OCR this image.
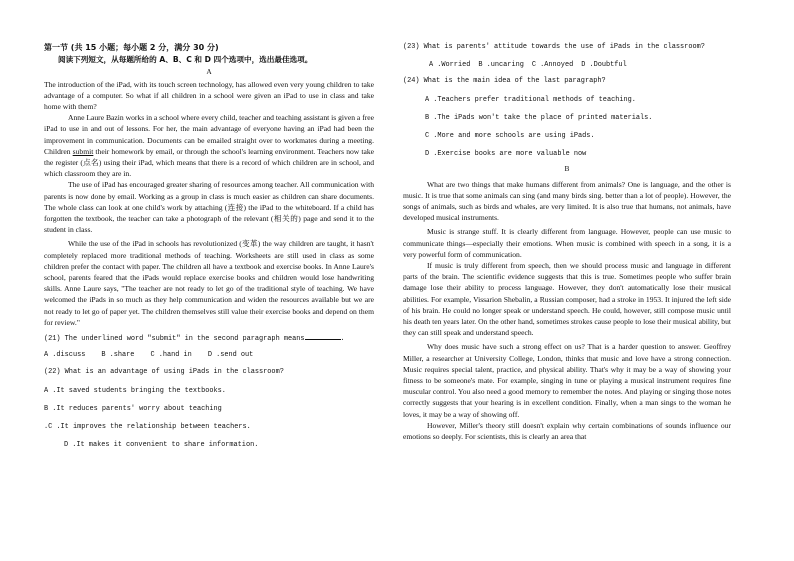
第一节 (共 15 小题；每小题 2 分，满分 30 分)
阅读下列短文，从每题所给的 A、B、C 和 D 四个选项中，选出最佳选项。
A

The introduction of the iPad, with its touch screen technology, has allowed even very young children to take advantage of a computer. So what if all children in a school were given an iPad to use in class and take home with them?

Anne Laure Bazin works in a school where every child, teacher and teaching assistant is given a free iPad to use in and out of lessons. For her, the main advantage of everyone having an iPad had been the improvement in communication. Documents can be emailed straight over to workmates during a meeting. Children submit their homework by email, or through the school's learning environment. Teachers now take the register (点名) using their iPad, which means that there is a record of which children are in school, and which classroom they are in.

The use of iPad has encouraged greater sharing of resources among teacher. All communication with parents is now done by email. Working as a group in class is much easier as children can share documents. The whole class can look at one child's work by attaching (连接) the iPad to the whiteboard. If a child has forgotten the textbook, the teacher can take a photograph of the relevant (相关的) page and send it to the student in class.

While the use of the iPad in schools has revolutionized (变革) the way children are taught, it hasn't completely replaced more traditional methods of teaching. Worksheets are still used in class as some children prefer the contact with paper. The children all have a textbook and exercise books. In Anne Laure's school, parents feared that the iPads would replace exercise books and children would lose handwriting skills. Anne Laure says, "The teacher are not ready to let go of the traditional style of teaching. We have welcomed the iPads in so much as they help communication and widen the resources available but we are not ready to let go of paper yet. The children themselves still value their exercise books and depend on them for review."

(21) The underlined word "submit" in the second paragraph means	.
A .discuss B .share C .hand in D .send out
(22) What is an advantage of using iPads in the classroom?
A .It saved students bringing the textbooks.
B .It reduces parents' worry about teaching
.C .It improves the relationship between teachers.
D .It makes it convenient to share information.
(23) What is parents' attitude towards the use of iPads in the classroom?
A .Worried B .uncaring C .Annoyed D .Doubtful
(24) What is the main idea of the last paragraph?
A .Teachers prefer traditional methods of teaching.
B .The iPads won't take the place of printed materials.
C .More and more schools are using iPads.
D .Exercise books are more valuable now
B

What are two things that make humans different from animals? One is language, and the other is music. It is true that some animals can sing (and many birds sing. better than a lot of people). However, the songs of animals, such as birds and whales, are very limited. It is also true that humans, not animals, have developed musical instruments.

Music is strange stuff. It is clearly different from language. However, people can use music to communicate things—especially their emotions. When music is combined with speech in a song, it is a very powerful form of communication.

If music is truly different from speech, then we should process music and language in different parts of the brain. The scientific evidence suggests that this is true. Sometimes people who suffer brain damage lose their ability to process language. However, they don't automatically lose their musical abilities. For example, Vissarion Shebalin, a Russian composer, had a stroke in 1953. It injured the left side of his brain. He could no longer speak or understand speech. He could, however, still compose music until his death ten years later. On the other hand, sometimes strokes cause people to lose their musical ability, but they can still speak and understand speech.

Why does music have such a strong effect on us? That is a harder question to answer. Geoffrey Miller, a researcher at University College, London, thinks that music and love have a strong connection. Music requires special talent, practice, and physical ability. That's why it may be a way of showing your fitness to be someone's mate. For example, singing in tune or playing a musical instrument requires fine muscular control. You also need a good memory to remember the notes. And playing or singing those notes correctly suggests that your hearing is in excellent condition. Finally, when a man sings to the woman he loves, it may be a way of showing off.

However, Miller's theory still doesn't explain why certain combinations of sounds influence our emotions so deeply. For scientists, this is clearly an area that
